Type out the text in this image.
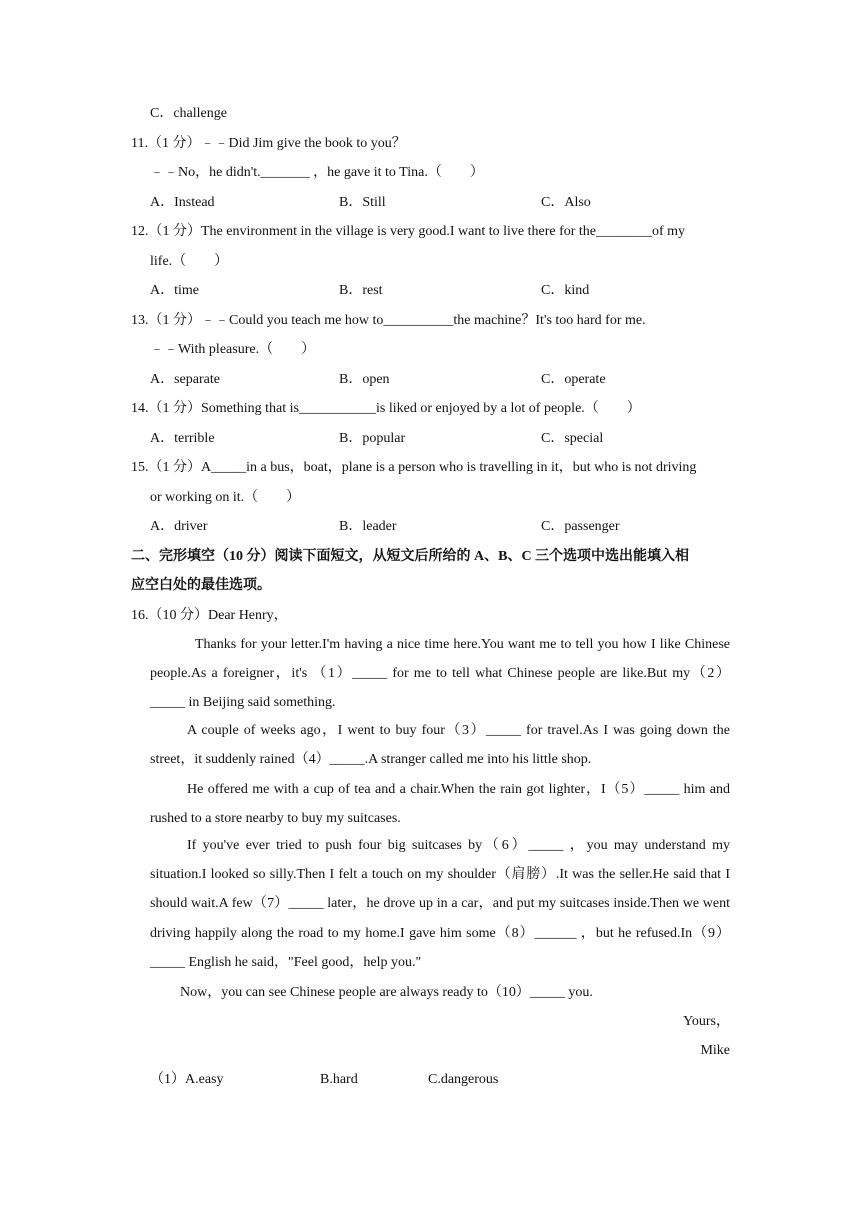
C．challenge
11.（1 分）﹣﹣Did Jim give the book to you？
﹣﹣No，he didn't._______ ，he gave it to Tina.（　　）
A．Instead	B．Still	C．Also
12.（1 分）The environment in the village is very good.I want to live there for the________of my
life.（　　）
A．time	B．rest	C．kind
13.（1 分）﹣﹣Could you teach me how to__________the machine？It's too hard for me.
﹣﹣With pleasure.（　　）
A．separate	B．open	C．operate
14.（1 分）Something that is___________is liked or enjoyed by a lot of people.（　　）
A．terrible	B．popular	C．special
15.（1 分）A_____in a bus，boat，plane is a person who is travelling in it，but who is not driving
or working on it.（　　）
A．driver	B．leader	C．passenger
二、完形填空（10 分）阅读下面短文，从短文后所给的 A、B、C 三个选项中选出能填入相
应空白处的最佳选项。
16.（10 分）Dear Henry，
Thanks for your letter.I'm having a nice time here.You want me to tell you how I like Chinese people.As a foreigner，it's （1）_____ for me to tell what Chinese people are like.But my（2）_____ in Beijing said something.
A couple of weeks ago，I went to buy four（3）_____ for travel.As I was going down the street，it suddenly rained（4）_____.A stranger called me into his little shop.
He offered me with a cup of tea and a chair.When the rain got lighter，I（5）_____ him and rushed to a store nearby to buy my suitcases.
If you've ever tried to push four big suitcases by（6）_____ ，you may understand my situation.I looked so silly.Then I felt a touch on my shoulder（肩膀）.It was the seller.He said that I should wait.A few（7）_____ later，he drove up in a car，and put my suitcases inside.Then we went driving happily along the road to my home.I gave him some（8）______ ，but he refused.In（9）_____ English he said，"Feel good，help you."
Now，you can see Chinese people are always ready to（10）_____ you.
Yours，
Mike
（1）A.easy	B.hard	C.dangerous
